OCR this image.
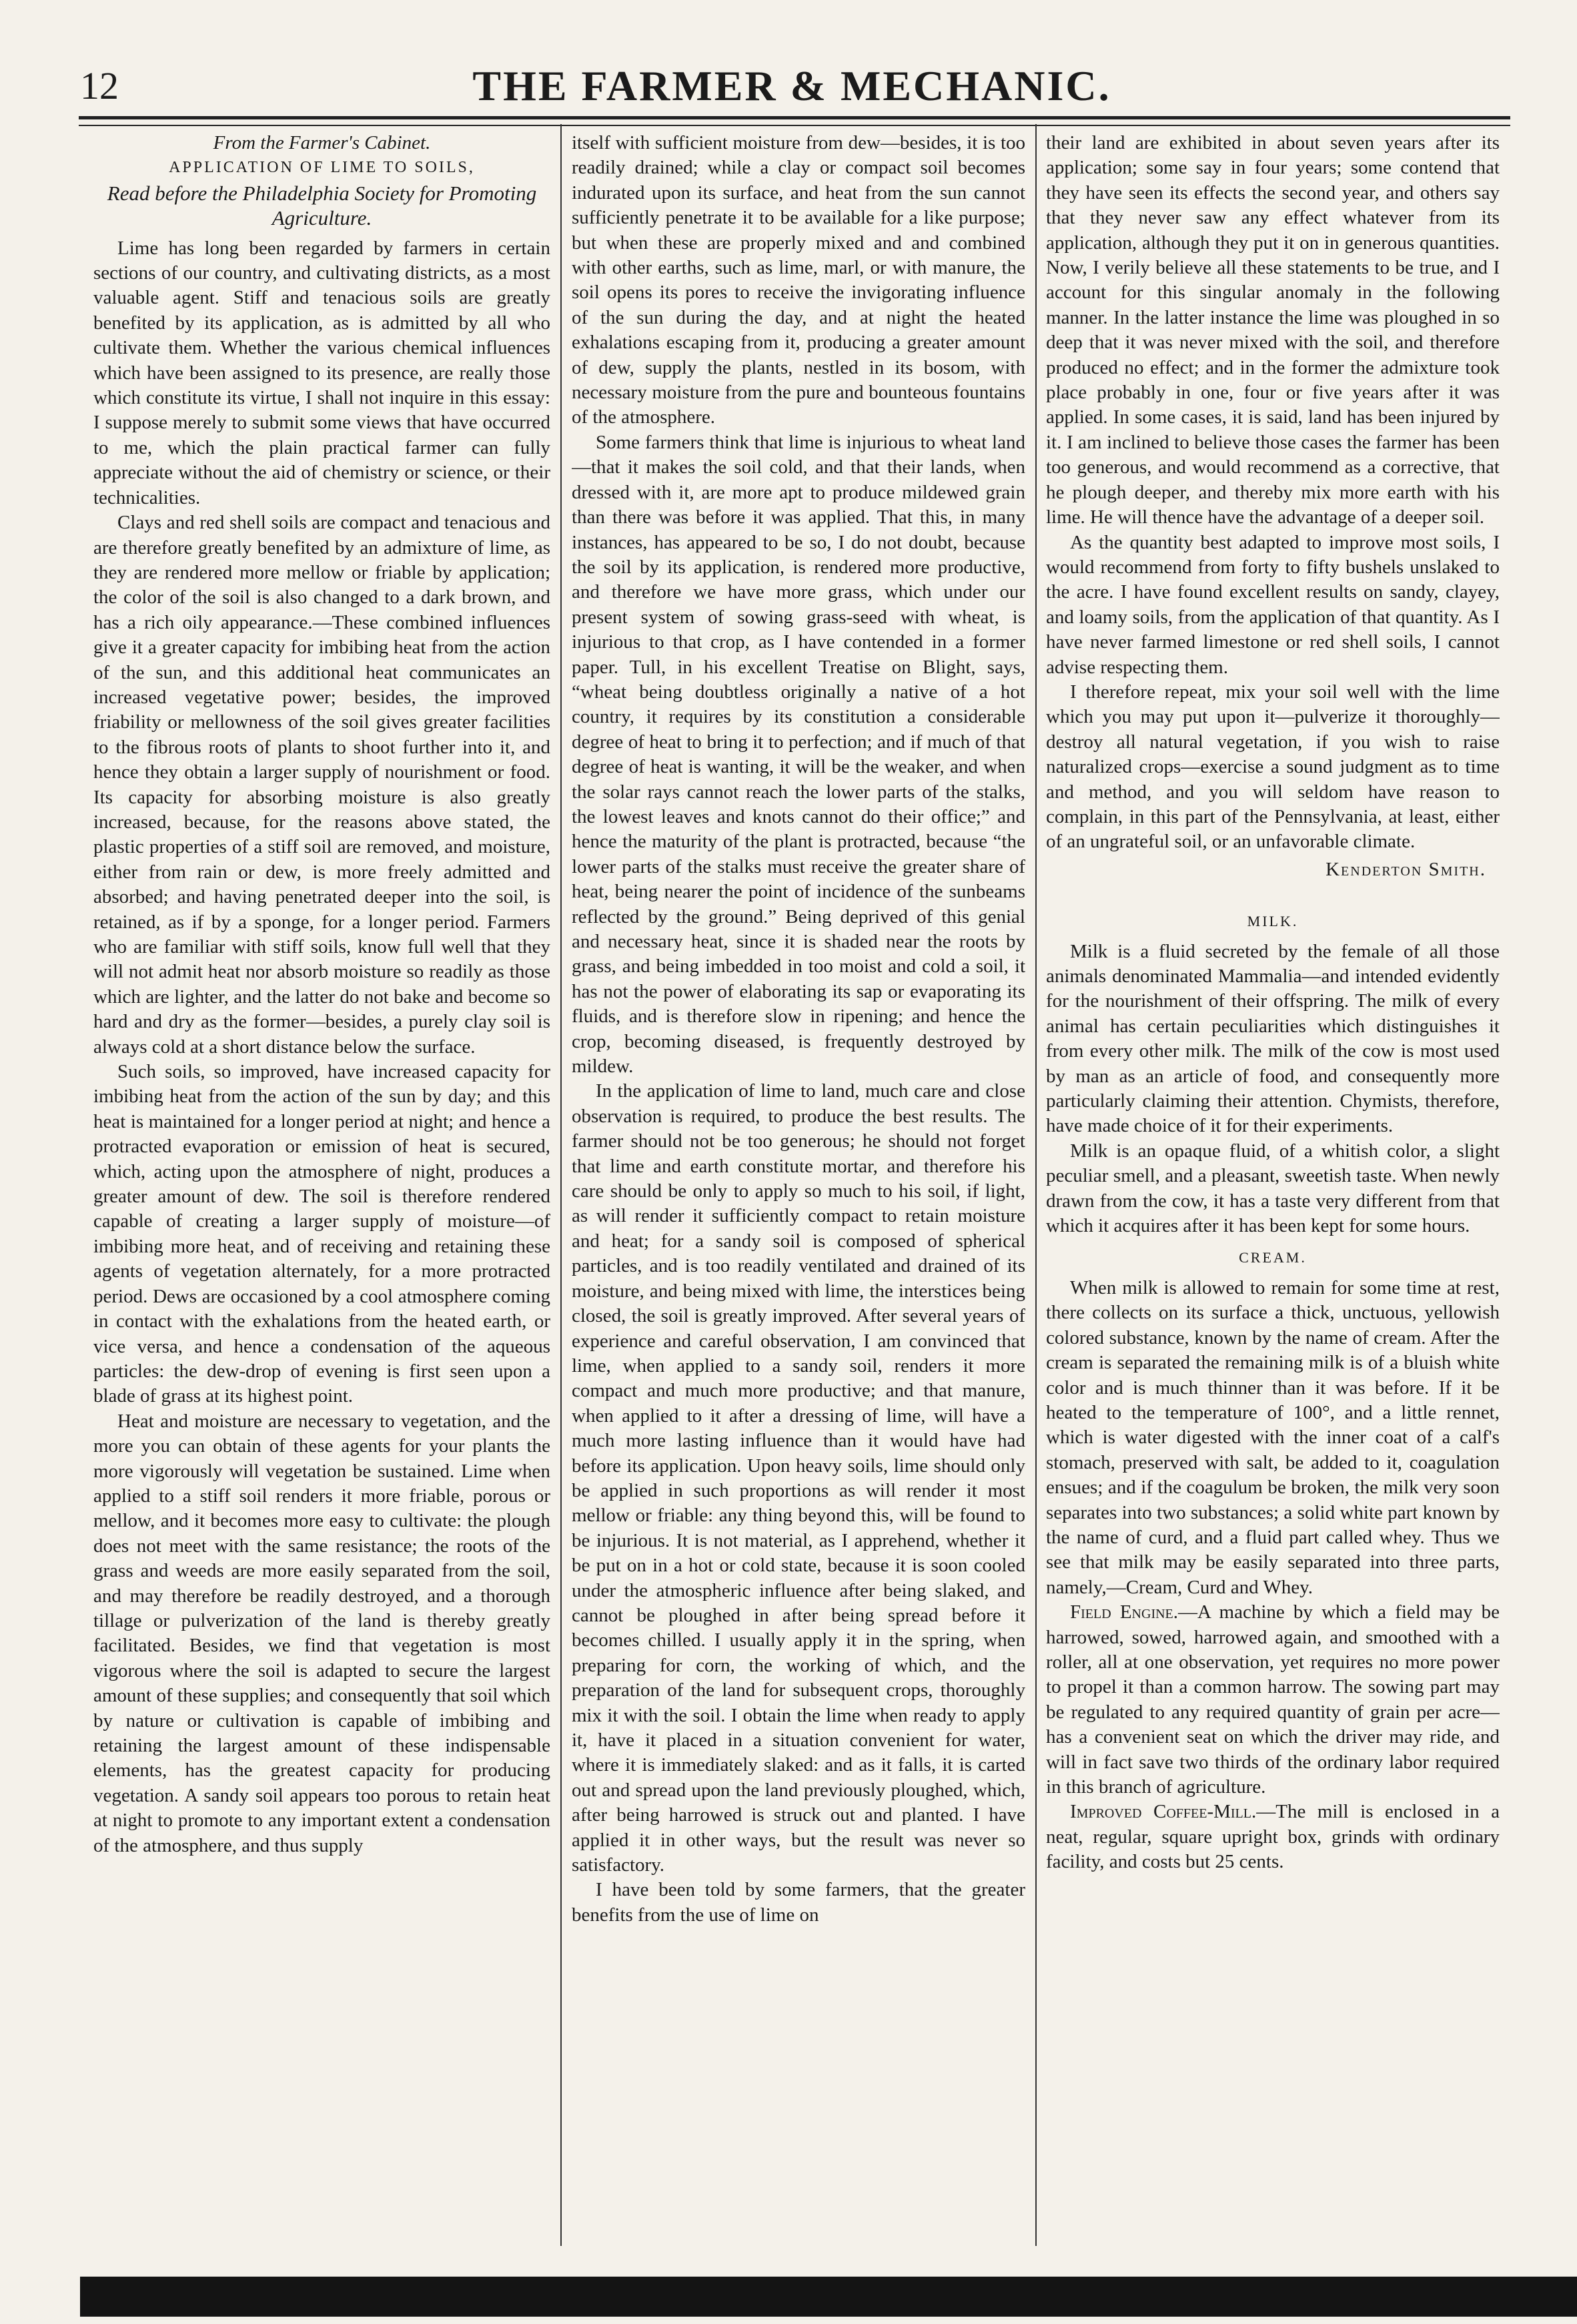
12	THE FARMER & MECHANIC.
From the Farmer's Cabinet.
APPLICATION OF LIME TO SOILS,
Read before the Philadelphia Society for Promoting Agriculture.

Lime has long been regarded by farmers in certain sections of our country, and cultivating districts, as a most valuable agent. Stiff and tenacious soils are greatly benefited by its application, as is admitted by all who cultivate them. Whether the various chemical influences which have been assigned to its presence, are really those which constitute its virtue, I shall not inquire in this essay: I suppose merely to submit some views that have occurred to me, which the plain practical farmer can fully appreciate without the aid of chemistry or science, or their technicalities.

Clays and red shell soils are compact and tenacious and are therefore greatly benefited by an admixture of lime, as they are rendered more mellow or friable by application; the color of the soil is also changed to a dark brown, and has a rich oily appearance.—These combined influences give it a greater capacity for imbibing heat from the action of the sun, and this additional heat communicates an increased vegetative power; besides, the improved friability or mellowness of the soil gives greater facilities to the fibrous roots of plants to shoot further into it, and hence they obtain a larger supply of nourishment or food. Its capacity for absorbing moisture is also greatly increased, because, for the reasons above stated, the plastic properties of a stiff soil are removed, and moisture, either from rain or dew, is more freely admitted and absorbed; and having penetrated deeper into the soil, is retained, as if by a sponge, for a longer period. Farmers who are familiar with stiff soils, know full well that they will not admit heat nor absorb moisture so readily as those which are lighter, and the latter do not bake and become so hard and dry as the former—besides, a purely clay soil is always cold at a short distance below the surface.

Such soils, so improved, have increased capacity for imbibing heat from the action of the sun by day; and this heat is maintained for a longer period at night; and hence a protracted evaporation or emission of heat is secured, which, acting upon the atmosphere of night, produces a greater amount of dew. The soil is therefore rendered capable of creating a larger supply of moisture—of imbibing more heat, and of receiving and retaining these agents of vegetation alternately, for a more protracted period. Dews are occasioned by a cool atmosphere coming in contact with the exhalations from the heated earth, or vice versa, and hence a condensation of the aqueous particles: the dew-drop of evening is first seen upon a blade of grass at its highest point.

Heat and moisture are necessary to vegetation, and the more you can obtain of these agents for your plants the more vigorously will vegetation be sustained. Lime when applied to a stiff soil renders it more friable, porous or mellow, and it becomes more easy to cultivate: the plough does not meet with the same resistance; the roots of the grass and weeds are more easily separated from the soil, and may therefore be readily destroyed, and a thorough tillage or pulverization of the land is thereby greatly facilitated. Besides, we find that vegetation is most vigorous where the soil is adapted to secure the largest amount of these supplies; and consequently that soil which by nature or cultivation is capable of imbibing and retaining the largest amount of these indispensable elements, has the greatest capacity for producing vegetation. A sandy soil appears too porous to retain heat at night to promote to any important extent a condensation of the atmosphere, and thus supply

itself with sufficient moisture from dew—besides, it is too readily drained; while a clay or compact soil becomes indurated upon its surface, and heat from the sun cannot sufficiently penetrate it to be available for a like purpose; but when these are properly mixed and and combined with other earths, such as lime, marl, or with manure, the soil opens its pores to receive the invigorating influence of the sun during the day, and at night the heated exhalations escaping from it, producing a greater amount of dew, supply the plants, nestled in its bosom, with necessary moisture from the pure and bounteous fountains of the atmosphere.

Some farmers think that lime is injurious to wheat land—that it makes the soil cold, and that their lands, when dressed with it, are more apt to produce mildewed grain than there was before it was applied. That this, in many instances, has appeared to be so, I do not doubt, because the soil by its application, is rendered more productive, and therefore we have more grass, which under our present system of sowing grass-seed with wheat, is injurious to that crop, as I have contended in a former paper. Tull, in his excellent Treatise on Blight, says, “wheat being doubtless originally a native of a hot country, it requires by its constitution a considerable degree of heat to bring it to perfection; and if much of that degree of heat is wanting, it will be the weaker, and when the solar rays cannot reach the lower parts of the stalks, the lowest leaves and knots cannot do their office;” and hence the maturity of the plant is protracted, because “the lower parts of the stalks must receive the greater share of heat, being nearer the point of incidence of the sunbeams reflected by the ground.” Being deprived of this genial and necessary heat, since it is shaded near the roots by grass, and being imbedded in too moist and cold a soil, it has not the power of elaborating its sap or evaporating its fluids, and is therefore slow in ripening; and hence the crop, becoming diseased, is frequently destroyed by mildew.

In the application of lime to land, much care and close observation is required, to produce the best results. The farmer should not be too generous; he should not forget that lime and earth constitute mortar, and therefore his care should be only to apply so much to his soil, if light, as will render it sufficiently compact to retain moisture and heat; for a sandy soil is composed of spherical particles, and is too readily ventilated and drained of its moisture, and being mixed with lime, the interstices being closed, the soil is greatly improved. After several years of experience and careful observation, I am convinced that lime, when applied to a sandy soil, renders it more compact and much more productive; and that manure, when applied to it after a dressing of lime, will have a much more lasting influence than it would have had before its application. Upon heavy soils, lime should only be applied in such proportions as will render it most mellow or friable: any thing beyond this, will be found to be injurious. It is not material, as I apprehend, whether it be put on in a hot or cold state, because it is soon cooled under the atmospheric influence after being slaked, and cannot be ploughed in after being spread before it becomes chilled. I usually apply it in the spring, when preparing for corn, the working of which, and the preparation of the land for subsequent crops, thoroughly mix it with the soil. I obtain the lime when ready to apply it, have it placed in a situation convenient for water, where it is immediately slaked: and as it falls, it is carted out and spread upon the land previously ploughed, which, after being harrowed is struck out and planted. I have applied it in other ways, but the result was never so satisfactory.

I have been told by some farmers, that the greater benefits from the use of lime on

their land are exhibited in about seven years after its application; some say in four years; some contend that they have seen its effects the second year, and others say that they never saw any effect whatever from its application, although they put it on in generous quantities. Now, I verily believe all these statements to be true, and I account for this singular anomaly in the following manner. In the latter instance the lime was ploughed in so deep that it was never mixed with the soil, and therefore produced no effect; and in the former the admixture took place probably in one, four or five years after it was applied. In some cases, it is said, land has been injured by it. I am inclined to believe those cases the farmer has been too generous, and would recommend as a corrective, that he plough deeper, and thereby mix more earth with his lime. He will thence have the advantage of a deeper soil.

As the quantity best adapted to improve most soils, I would recommend from forty to fifty bushels unslaked to the acre. I have found excellent results on sandy, clayey, and loamy soils, from the application of that quantity. As I have never farmed limestone or red shell soils, I cannot advise respecting them.

I therefore repeat, mix your soil well with the lime which you may put upon it—pulverize it thoroughly—destroy all natural vegetation, if you wish to raise naturalized crops—exercise a sound judgment as to time and method, and you will seldom have reason to complain, in this part of the Pennsylvania, at least, either of an ungrateful soil, or an unfavorable climate.

Kenderton Smith.
MILK.

Milk is a fluid secreted by the female of all those animals denominated Mammalia—and intended evidently for the nourishment of their offspring. The milk of every animal has certain peculiarities which distinguishes it from every other milk. The milk of the cow is most used by man as an article of food, and consequently more particularly claiming their attention. Chymists, therefore, have made choice of it for their experiments.

Milk is an opaque fluid, of a whitish color, a slight peculiar smell, and a pleasant, sweetish taste. When newly drawn from the cow, it has a taste very different from that which it acquires after it has been kept for some hours.

CREAM.

When milk is allowed to remain for some time at rest, there collects on its surface a thick, unctuous, yellowish colored substance, known by the name of cream. After the cream is separated the remaining milk is of a bluish white color and is much thinner than it was before. If it be heated to the temperature of 100°, and a little rennet, which is water digested with the inner coat of a calf's stomach, preserved with salt, be added to it, coagulation ensues; and if the coagulum be broken, the milk very soon separates into two substances; a solid white part known by the name of curd, and a fluid part called whey. Thus we see that milk may be easily separated into three parts, namely,—Cream, Curd and Whey.

Field Engine.—A machine by which a field may be harrowed, sowed, harrowed again, and smoothed with a roller, all at one observation, yet requires no more power to propel it than a common harrow. The sowing part may be regulated to any required quantity of grain per acre—has a convenient seat on which the driver may ride, and will in fact save two thirds of the ordinary labor required in this branch of agriculture.

Improved Coffee-Mill.—The mill is enclosed in a neat, regular, square upright box, grinds with ordinary facility, and costs but 25 cents.
